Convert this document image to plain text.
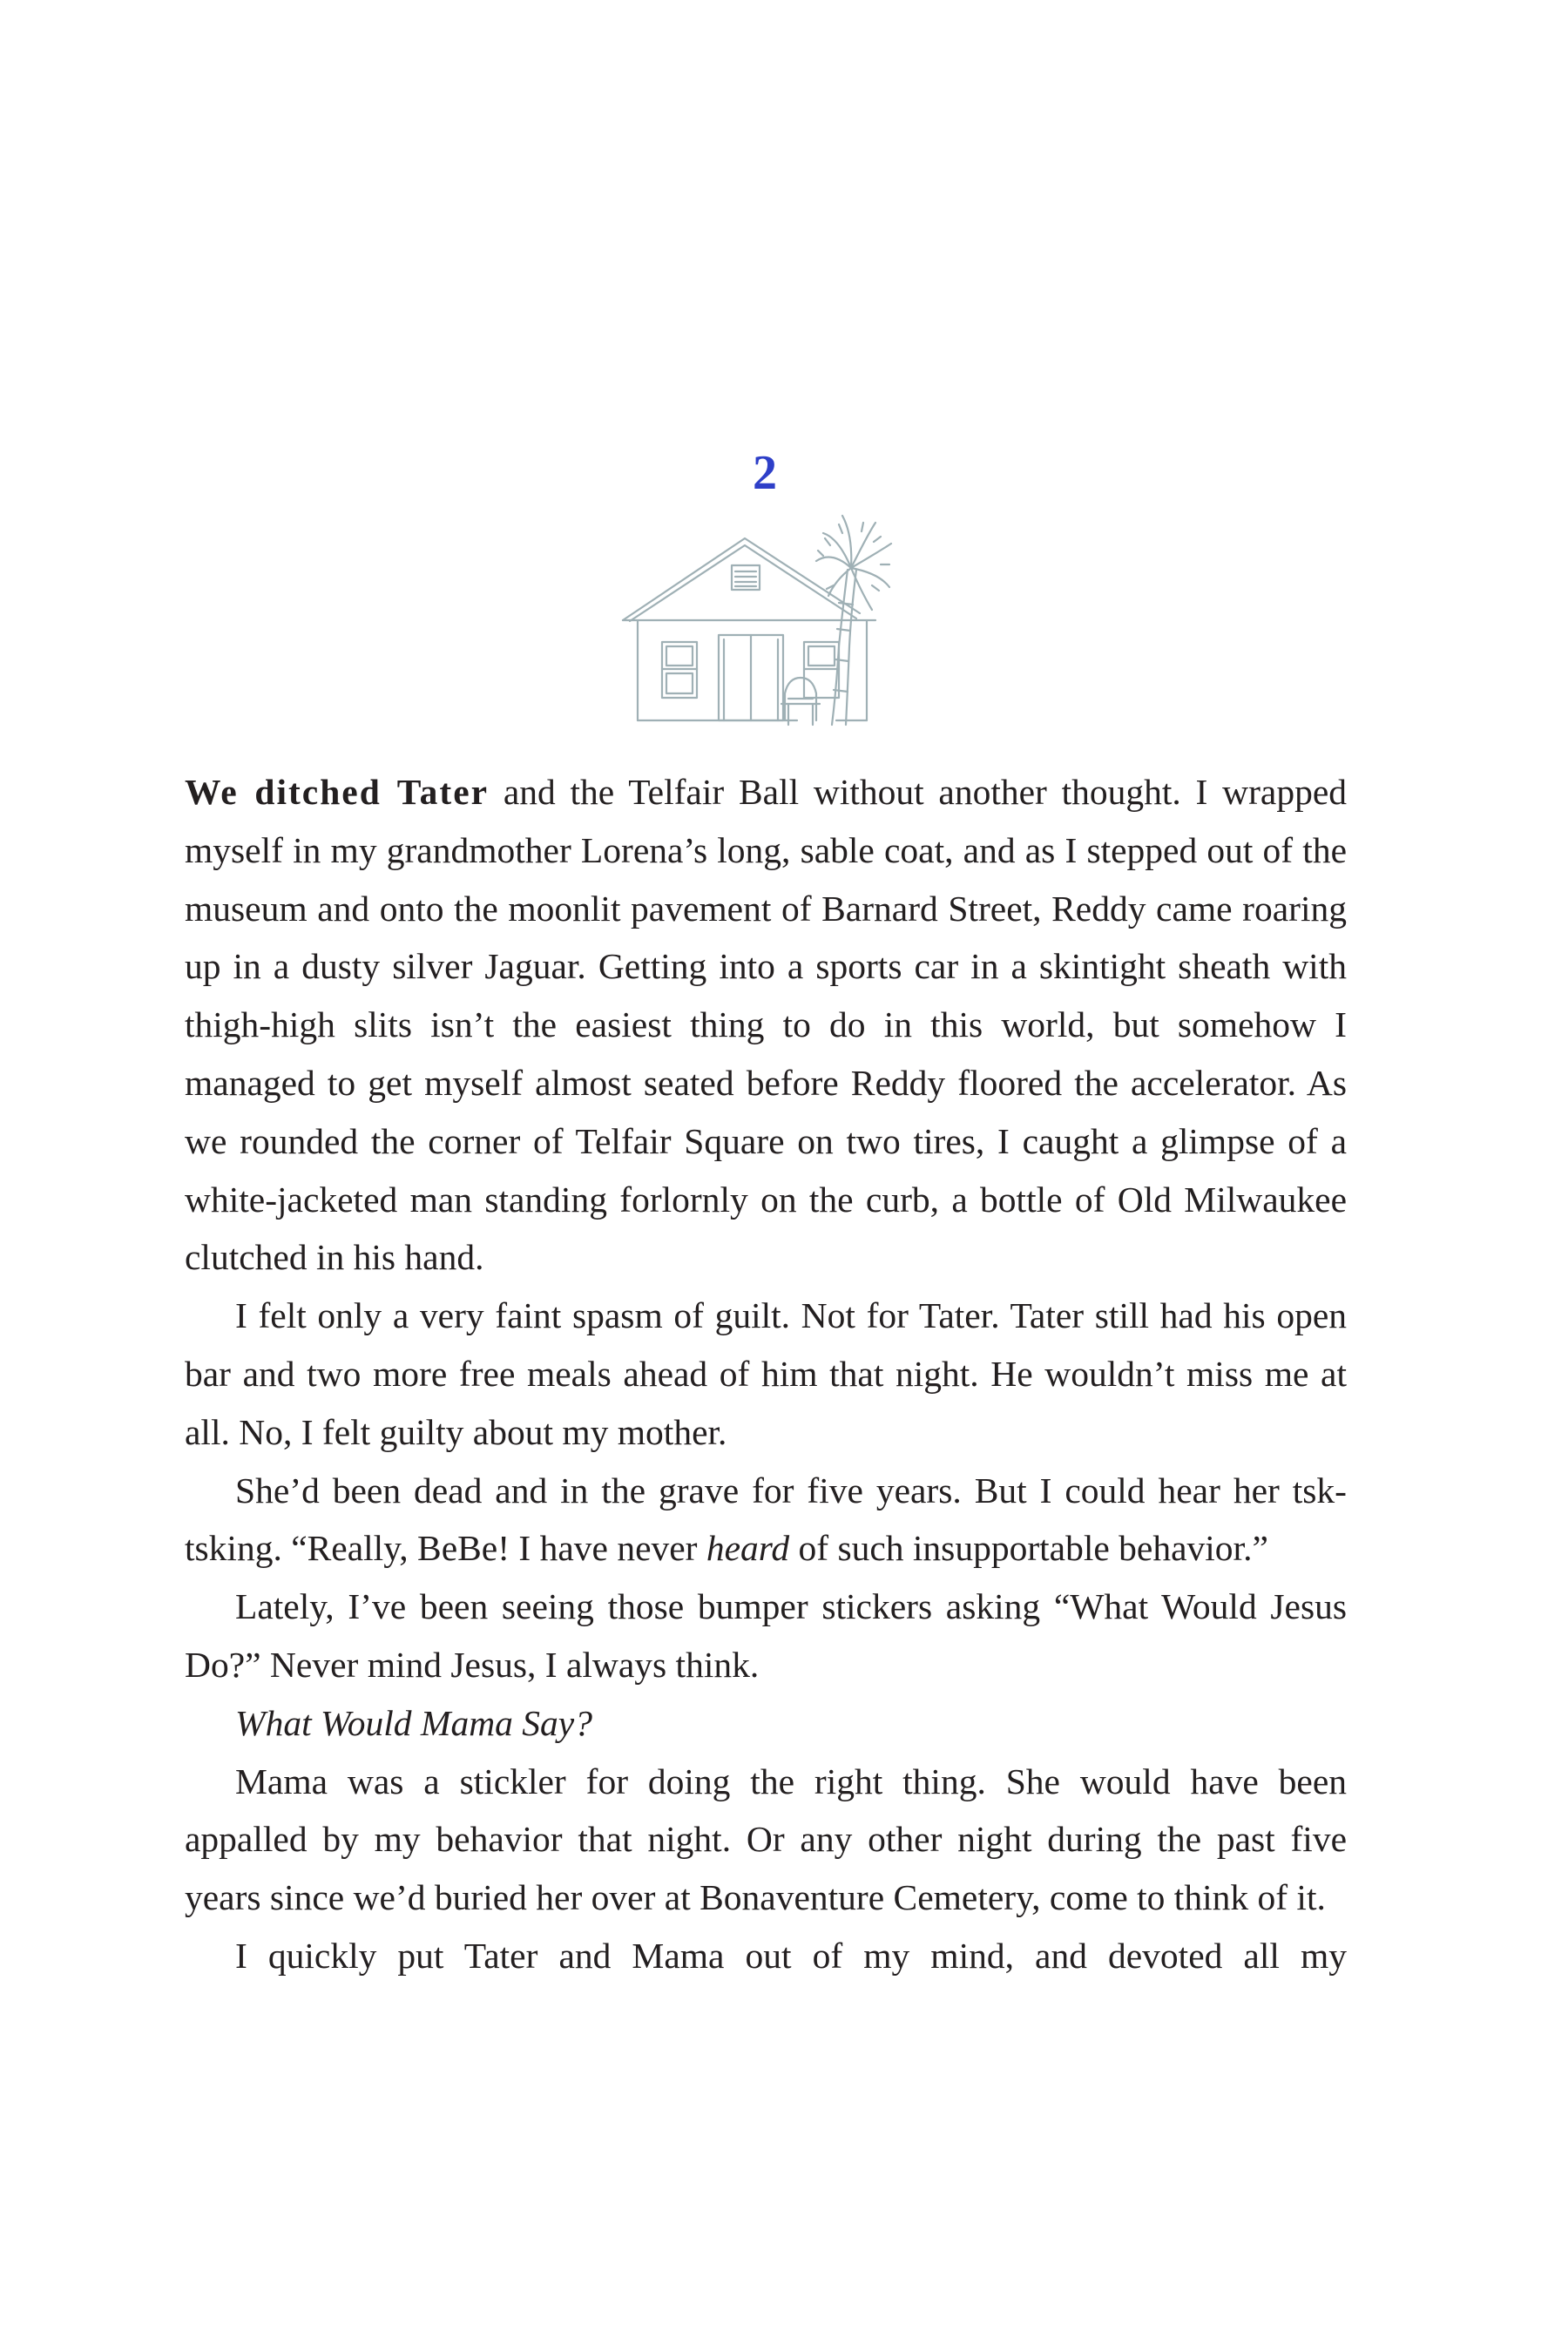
2

We ditched Tater and the Telfair Ball without another thought. I wrapped myself in my grandmother Lorena’s long, sable coat, and as I stepped out of the museum and onto the moonlit pavement of Barnard Street, Reddy came roaring up in a dusty silver Jaguar. Getting into a sports car in a skintight sheath with thigh-high slits isn’t the easiest thing to do in this world, but somehow I managed to get myself almost seated before Reddy floored the accelerator. As we rounded the corner of Telfair Square on two tires, I caught a glimpse of a white-jacketed man standing forlornly on the curb, a bottle of Old Milwaukee clutched in his hand.

I felt only a very faint spasm of guilt. Not for Tater. Tater still had his open bar and two more free meals ahead of him that night. He wouldn’t miss me at all. No, I felt guilty about my mother.

She’d been dead and in the grave for five years. But I could hear her tsk-tsking. “Really, BeBe! I have never heard of such insupportable behavior.”

Lately, I’ve been seeing those bumper stickers asking “What Would Jesus Do?” Never mind Jesus, I always think.

What Would Mama Say?

Mama was a stickler for doing the right thing. She would have been appalled by my behavior that night. Or any other night during the past five years since we’d buried her over at Bonaventure Cemetery, come to think of it.

I quickly put Tater and Mama out of my mind, and devoted all my
